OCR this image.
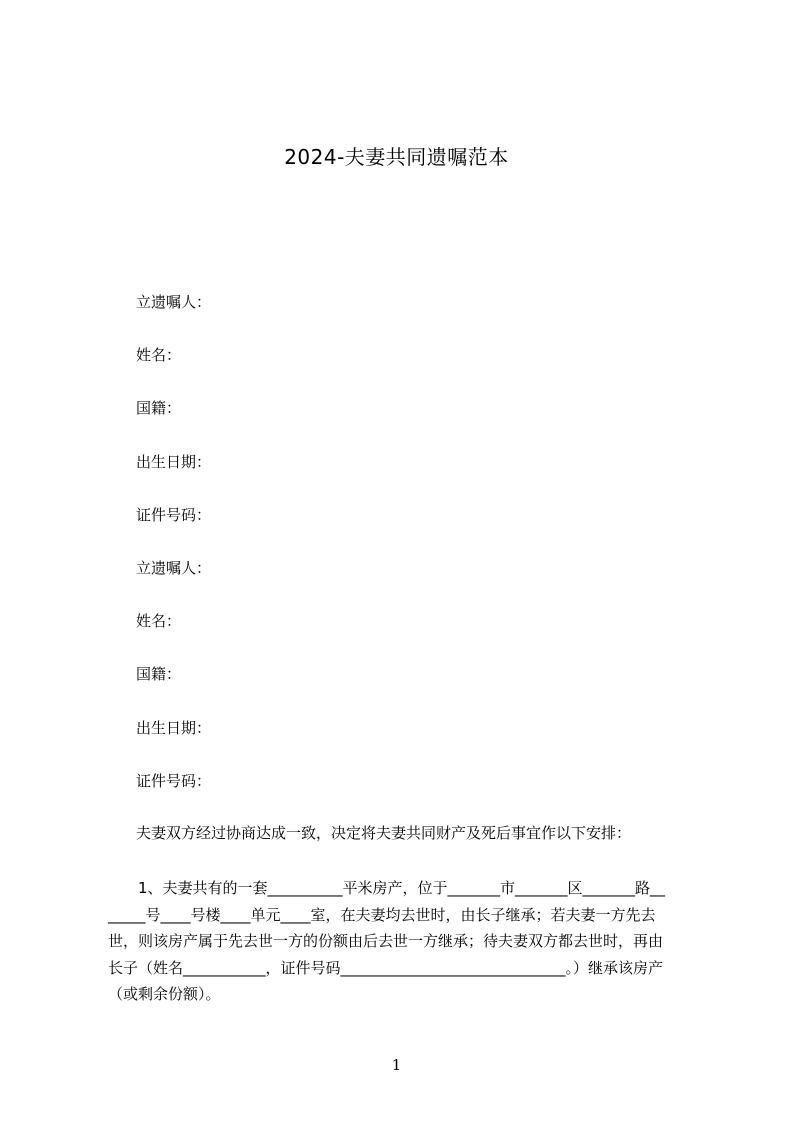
2024-夫妻共同遗嘱范本
立遗嘱人：
姓名：
国籍：
出生日期：
证件号码：
立遗嘱人：
姓名：
国籍：
出生日期：
证件号码：
夫妻双方经过协商达成一致，决定将夫妻共同财产及死后事宜作以下安排：
1、夫妻共有的一套__________平米房产，位于_______市_______区_______路__
_____号____号楼____单元____室，在夫妻均去世时，由长子继承；若夫妻一方先去
世，则该房产属于先去世一方的份额由后去世一方继承；待夫妻双方都去世时，再由
长子（姓名___________，证件号码______________________________。）继承该房产
（或剩余份额）。
1
